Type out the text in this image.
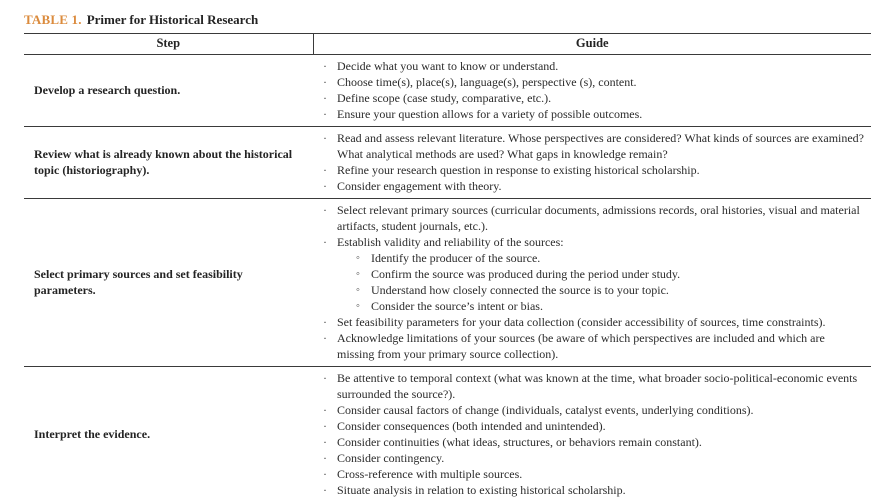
TABLE 1. Primer for Historical Research
Step	Guide
Develop a research question.	
· Decide what you want to know or understand.
· Choose time(s), place(s), language(s), perspective (s), content.
· Define scope (case study, comparative, etc.).
· Ensure your question allows for a variety of possible outcomes.

Review what is already known about the historical topic (historiography).	
· Read and assess relevant literature. Whose perspectives are considered? What kinds of sources are examined? What analytical methods are used? What gaps in knowledge remain?
· Refine your research question in response to existing historical scholarship.
· Consider engagement with theory.

Select primary sources and set feasibility parameters.	
· Select relevant primary sources (curricular documents, admissions records, oral histories, visual and material artifacts, student journals, etc.).
· Establish validity and reliability of the sources:
◦ Identify the producer of the source.
◦ Confirm the source was produced during the period under study.
◦ Understand how closely connected the source is to your topic.
◦ Consider the source’s intent or bias.
· Set feasibility parameters for your data collection (consider accessibility of sources, time constraints).
· Acknowledge limitations of your sources (be aware of which perspectives are included and which are missing from your primary source collection).

Interpret the evidence.	
· Be attentive to temporal context (what was known at the time, what broader socio-political-economic events surrounded the source?).
· Consider causal factors of change (individuals, catalyst events, underlying conditions).
· Consider consequences (both intended and unintended).
· Consider continuities (what ideas, structures, or behaviors remain constant).
· Consider contingency.
· Cross-reference with multiple sources.
· Situate analysis in relation to existing historical scholarship.
